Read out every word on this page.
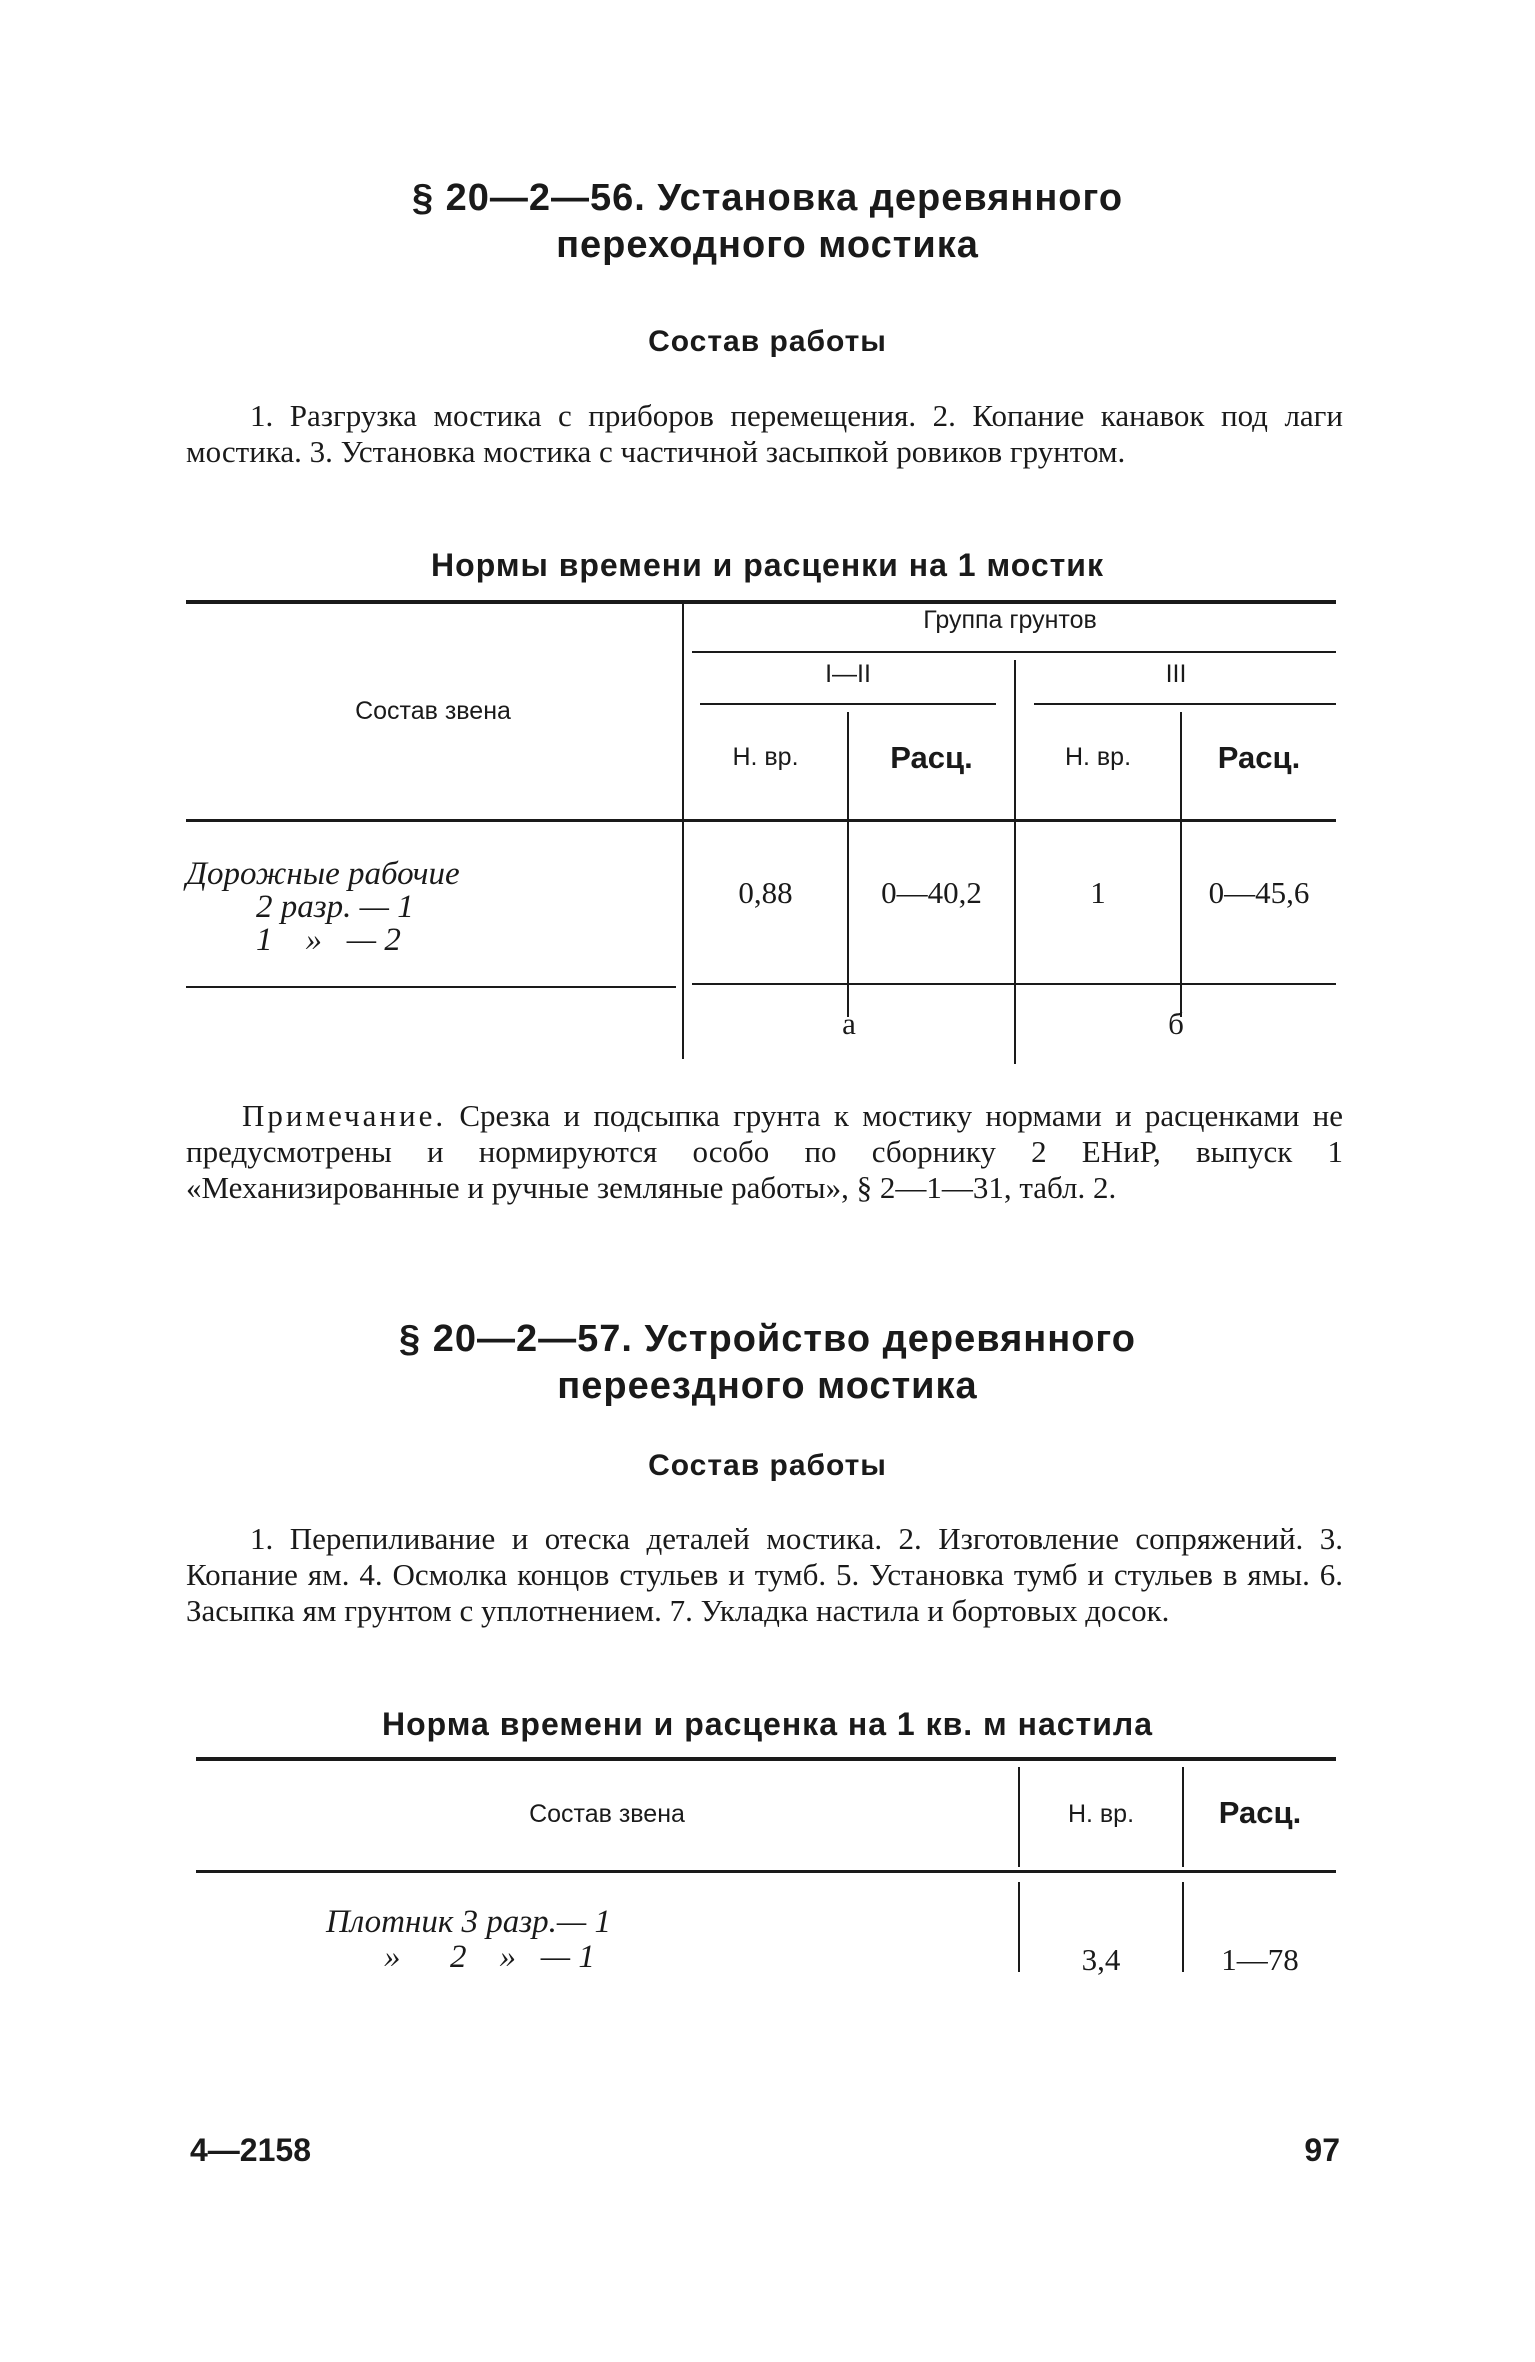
§ 20—2—56. Установка деревянного
переходного мостика
Состав работы
1. Разгрузка мостика с приборов перемещения. 2. Копание канавок под лаги мостика. 3. Установка мостика с частичной засыпкой ровиков грунтом.
Нормы времени и расценки на 1 мостик
Состав звена
Группа грунтов
I—II	III
Н. вр.	Расц.	Н. вр.	Расц.
Дорожные рабочие
2 разр. — 1
1    »   — 2
0,88	0—40,2	1	0—45,6
а	б
Примечание. Срезка и подсыпка грунта к мостику нормами и расценками не предусмотрены и нормируются особо по сборнику 2 ЕНиР, выпуск 1 «Механизированные и ручные земляные работы», § 2—1—31, табл. 2.
§ 20—2—57. Устройство деревянного
переездного мостика
Состав работы
1. Перепиливание и отеска деталей мостика. 2. Изготовление сопряжений. 3. Копание ям. 4. Осмолка концов стульев и тумб. 5. Установка тумб и стульев в ямы. 6. Засыпка ям грунтом с уплотнением. 7. Укладка настила и бортовых досок.
Норма времени и расценка на 1 кв. м настила
Состав звена	Н. вр.	Расц.
Плотник 3 разр.— 1
»      2    »   — 1	3,4	1—78
4—2158	97
